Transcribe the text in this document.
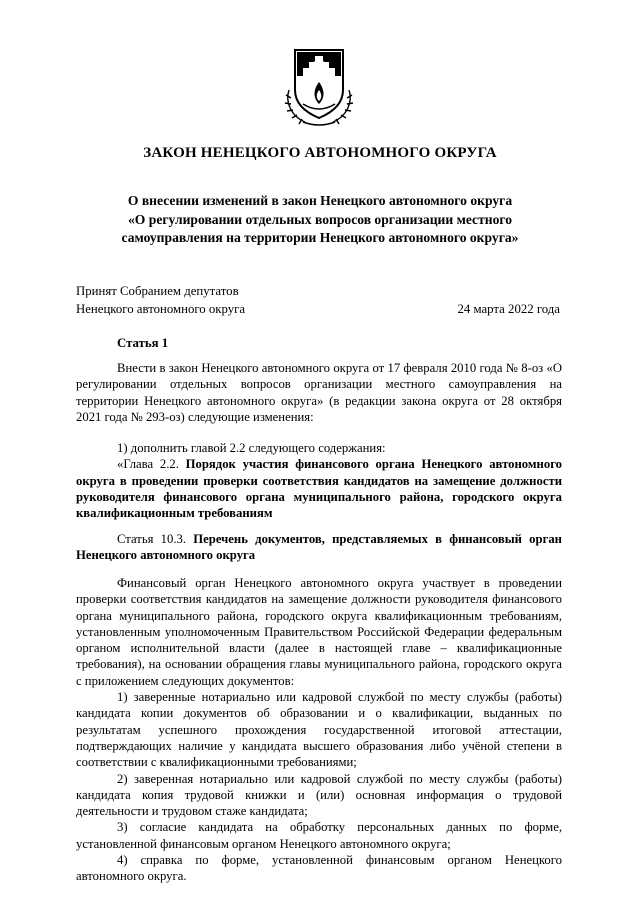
ЗАКОН НЕНЕЦКОГО АВТОНОМНОГО ОКРУГА
О внесении изменений в закон Ненецкого автономного округа
«О регулировании отдельных вопросов организации местного
самоуправления на территории Ненецкого автономного округа»
Принят Собранием депутатов
Ненецкого автономного округа	24 марта 2022 года
Статья 1

Внести в закон Ненецкого автономного округа от 17 февраля 2010 года № 8-оз «О регулировании отдельных вопросов организации местного самоуправления на территории Ненецкого автономного округа» (в редакции закона округа от 28 октября 2021 года № 293-оз) следующие изменения:

1) дополнить главой 2.2 следующего содержания:

«Глава 2.2. Порядок участия финансового органа Ненецкого автономного округа в проведении проверки соответствия кандидатов на замещение должности руководителя финансового органа муниципального района, городского округа квалификационным требованиям

Статья 10.3. Перечень документов, представляемых в финансовый орган Ненецкого автономного округа

Финансовый орган Ненецкого автономного округа участвует в проведении проверки соответствия кандидатов на замещение должности руководителя финансового органа муниципального района, городского округа квалификационным требованиям, установленным уполномоченным Правительством Российской Федерации федеральным органом исполнительной власти (далее в настоящей главе – квалификационные требования), на основании обращения главы муниципального района, городского округа с приложением следующих документов:

1) заверенные нотариально или кадровой службой по месту службы (работы) кандидата копии документов об образовании и о квалификации, выданных по результатам успешного прохождения государственной итоговой аттестации, подтверждающих наличие у кандидата высшего образования либо учёной степени в соответствии с квалификационными требованиями;

2) заверенная нотариально или кадровой службой по месту службы (работы) кандидата копия трудовой книжки и (или) основная информация о трудовой деятельности и трудовом стаже кандидата;

3) согласие кандидата на обработку персональных данных по форме, установленной финансовым органом Ненецкого автономного округа;

4) справка по форме, установленной финансовым органом Ненецкого автономного округа.
